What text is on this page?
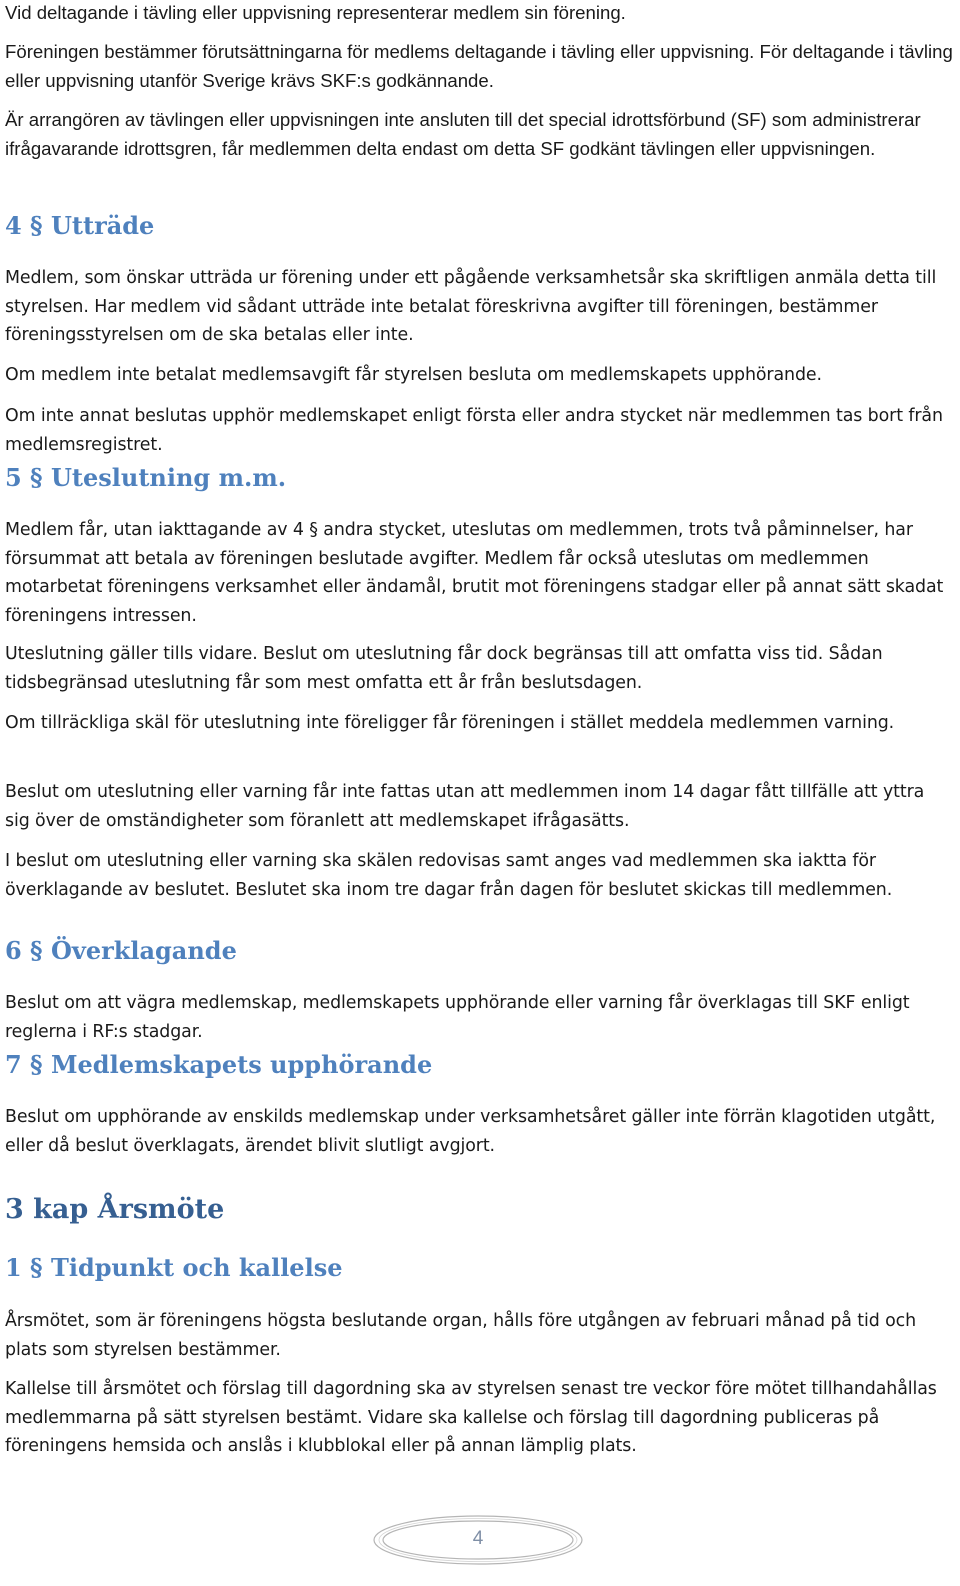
Vid deltagande i tävling eller uppvisning representerar medlem sin förening.

Föreningen bestämmer förutsättningarna för medlems deltagande i tävling eller uppvisning. För deltagande i tävling eller uppvisning utanför Sverige krävs SKF:s godkännande.

Är arrangören av tävlingen eller uppvisningen inte ansluten till det special idrottsförbund (SF) som administrerar ifrågavarande idrottsgren, får medlemmen delta endast om detta SF godkänt tävlingen eller uppvisningen.

4 § Utträde

Medlem, som önskar utträda ur förening under ett pågående verksamhetsår ska skriftligen anmäla detta till styrelsen. Har medlem vid sådant utträde inte betalat föreskrivna avgifter till föreningen, bestämmer föreningsstyrelsen om de ska betalas eller inte.

Om medlem inte betalat medlemsavgift får styrelsen besluta om medlemskapets upphörande.

Om inte annat beslutas upphör medlemskapet enligt första eller andra stycket när medlemmen tas bort från medlemsregistret.

5 § Uteslutning m.m.

Medlem får, utan iakttagande av 4 § andra stycket, uteslutas om medlemmen, trots två påminnelser, har försummat att betala av föreningen beslutade avgifter. Medlem får också uteslutas om medlemmen motarbetat föreningens verksamhet eller ändamål, brutit mot föreningens stadgar eller på annat sätt skadat föreningens intressen.

Uteslutning gäller tills vidare. Beslut om uteslutning får dock begränsas till att omfatta viss tid. Sådan tidsbegränsad uteslutning får som mest omfatta ett år från beslutsdagen.

Om tillräckliga skäl för uteslutning inte föreligger får föreningen i stället meddela medlemmen varning.

Beslut om uteslutning eller varning får inte fattas utan att medlemmen inom 14 dagar fått tillfälle att yttra sig över de omständigheter som föranlett att medlemskapet ifrågasätts.

I beslut om uteslutning eller varning ska skälen redovisas samt anges vad medlemmen ska iaktta för överklagande av beslutet. Beslutet ska inom tre dagar från dagen för beslutet skickas till medlemmen.

6 § Överklagande

Beslut om att vägra medlemskap, medlemskapets upphörande eller varning får överklagas till SKF enligt reglerna i RF:s stadgar.

7 § Medlemskapets upphörande

Beslut om upphörande av enskilds medlemskap under verksamhetsåret gäller inte förrän klagotiden utgått, eller då beslut överklagats, ärendet blivit slutligt avgjort.

3 kap Årsmöte
1 § Tidpunkt och kallelse

Årsmötet, som är föreningens högsta beslutande organ, hålls före utgången av februari månad på tid och plats som styrelsen bestämmer.

Kallelse till årsmötet och förslag till dagordning ska av styrelsen senast tre veckor före mötet tillhandahållas medlemmarna på sätt styrelsen bestämt. Vidare ska kallelse och förslag till dagordning publiceras på föreningens hemsida och anslås i klubblokal eller på annan lämplig plats.

4
